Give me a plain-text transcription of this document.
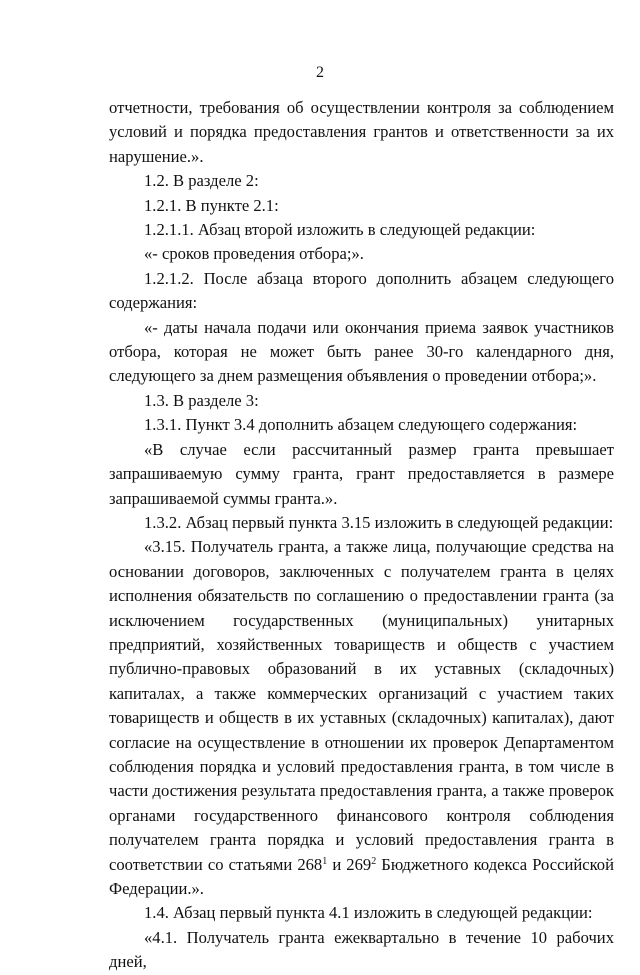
2

отчетности, требования об осуществлении контроля за соблюдением условий и порядка предоставления грантов и ответственности за их нарушение.».

1.2. В разделе 2:

1.2.1. В пункте 2.1:

1.2.1.1. Абзац второй изложить в следующей редакции:

«- сроков проведения отбора;».

1.2.1.2. После абзаца второго дополнить абзацем следующего содержания:

«- даты начала подачи или окончания приема заявок участников отбора, которая не может быть ранее 30-го календарного дня, следующего за днем размещения объявления о проведении отбора;».

1.3. В разделе 3:

1.3.1. Пункт 3.4 дополнить абзацем следующего содержания:

«В случае если рассчитанный размер гранта превышает запрашиваемую сумму гранта, грант предоставляется в размере запрашиваемой суммы гранта.».

1.3.2. Абзац первый пункта 3.15 изложить в следующей редакции:

«3.15. Получатель гранта, а также лица, получающие средства на основании договоров, заключенных с получателем гранта в целях исполнения обязательств по соглашению о предоставлении гранта (за исключением государственных (муниципальных) унитарных предприятий, хозяйственных товариществ и обществ с участием публично-правовых образований в их уставных (складочных) капиталах, а также коммерческих организаций с участием таких товариществ и обществ в их уставных (складочных) капиталах), дают согласие на осуществление в отношении их проверок Департаментом соблюдения порядка и условий предоставления гранта, в том числе в части достижения результата предоставления гранта, а также проверок органами государственного финансового контроля соблюдения получателем гранта порядка и условий предоставления гранта в соответствии со статьями $268^1$ и $269^2$ Бюджетного кодекса Российской Федерации.».

1.4. Абзац первый пункта 4.1 изложить в следующей редакции:

«4.1. Получатель гранта ежеквартально в течение 10 рабочих дней,
